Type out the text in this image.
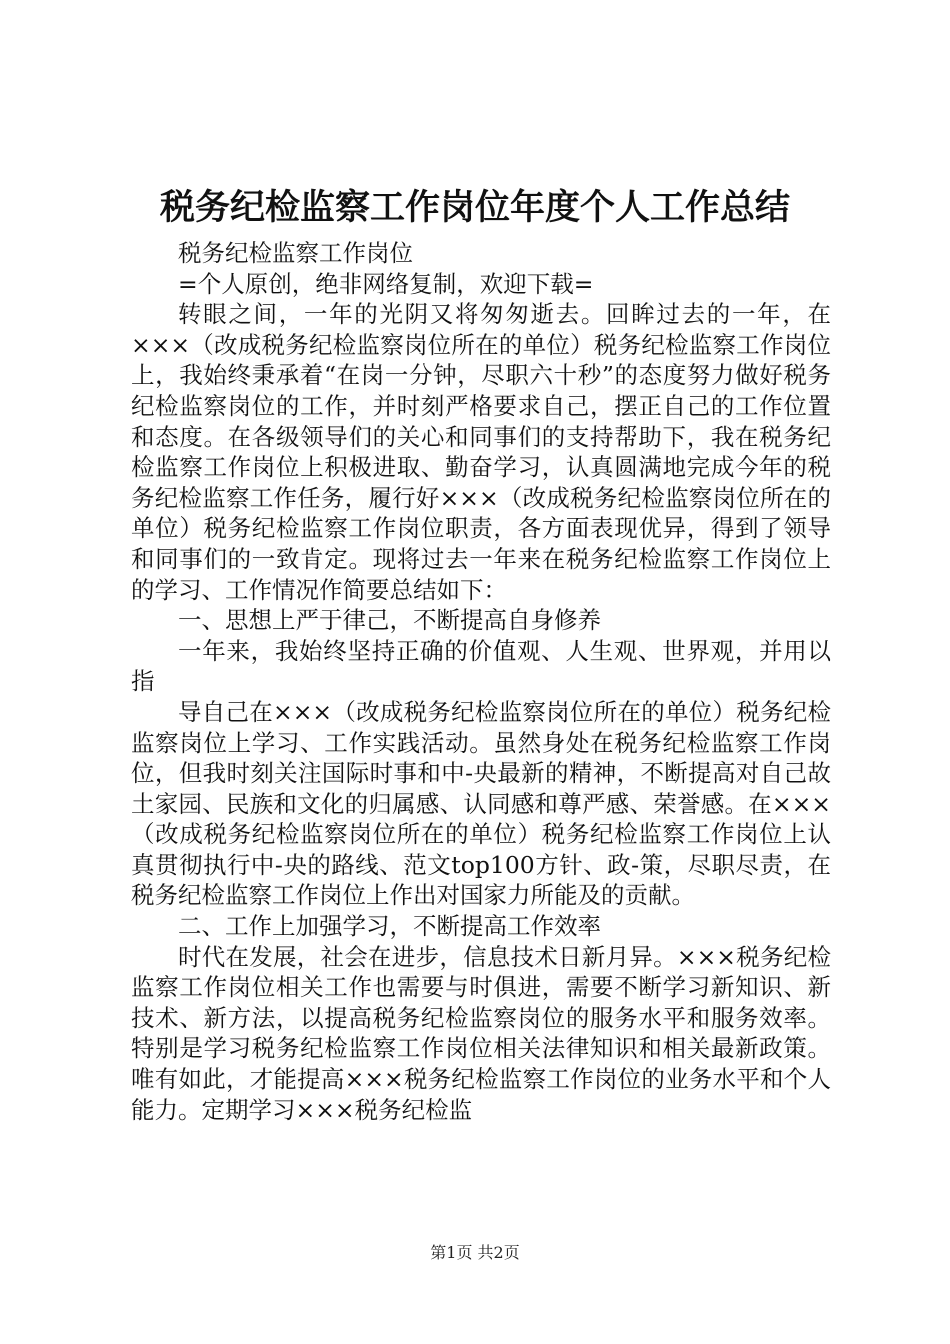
税务纪检监察工作岗位年度个人工作总结

税务纪检监察工作岗位

=个人原创，绝非网络复制，欢迎下载=

转眼之间，一年的光阴又将匆匆逝去。回眸过去的一年，在×××（改成税务纪检监察岗位所在的单位）税务纪检监察工作岗位上，我始终秉承着“在岗一分钟，尽职六十秒”的态度努力做好税务纪检监察岗位的工作，并时刻严格要求自己，摆正自己的工作位置和态度。在各级领导们的关心和同事们的支持帮助下，我在税务纪检监察工作岗位上积极进取、勤奋学习，认真圆满地完成今年的税务纪检监察工作任务，履行好×××（改成税务纪检监察岗位所在的单位）税务纪检监察工作岗位职责，各方面表现优异，得到了领导和同事们的一致肯定。现将过去一年来在税务纪检监察工作岗位上的学习、工作情况作简要总结如下：

一、思想上严于律己，不断提高自身修养

一年来，我始终坚持正确的价值观、人生观、世界观，并用以指

导自己在×××（改成税务纪检监察岗位所在的单位）税务纪检监察岗位上学习、工作实践活动。虽然身处在税务纪检监察工作岗位，但我时刻关注国际时事和中-央最新的精神，不断提高对自己故土家园、民族和文化的归属感、认同感和尊严感、荣誉感。在×××（改成税务纪检监察岗位所在的单位）税务纪检监察工作岗位上认真贯彻执行中-央的路线、范文top100方针、政-策，尽职尽责，在税务纪检监察工作岗位上作出对国家力所能及的贡献。

二、工作上加强学习，不断提高工作效率

时代在发展，社会在进步，信息技术日新月异。×××税务纪检监察工作岗位相关工作也需要与时俱进，需要不断学习新知识、新技术、新方法，以提高税务纪检监察岗位的服务水平和服务效率。特别是学习税务纪检监察工作岗位相关法律知识和相关最新政策。唯有如此，才能提高×××税务纪检监察工作岗位的业务水平和个人能力。定期学习×××税务纪检监

第1页 共2页
